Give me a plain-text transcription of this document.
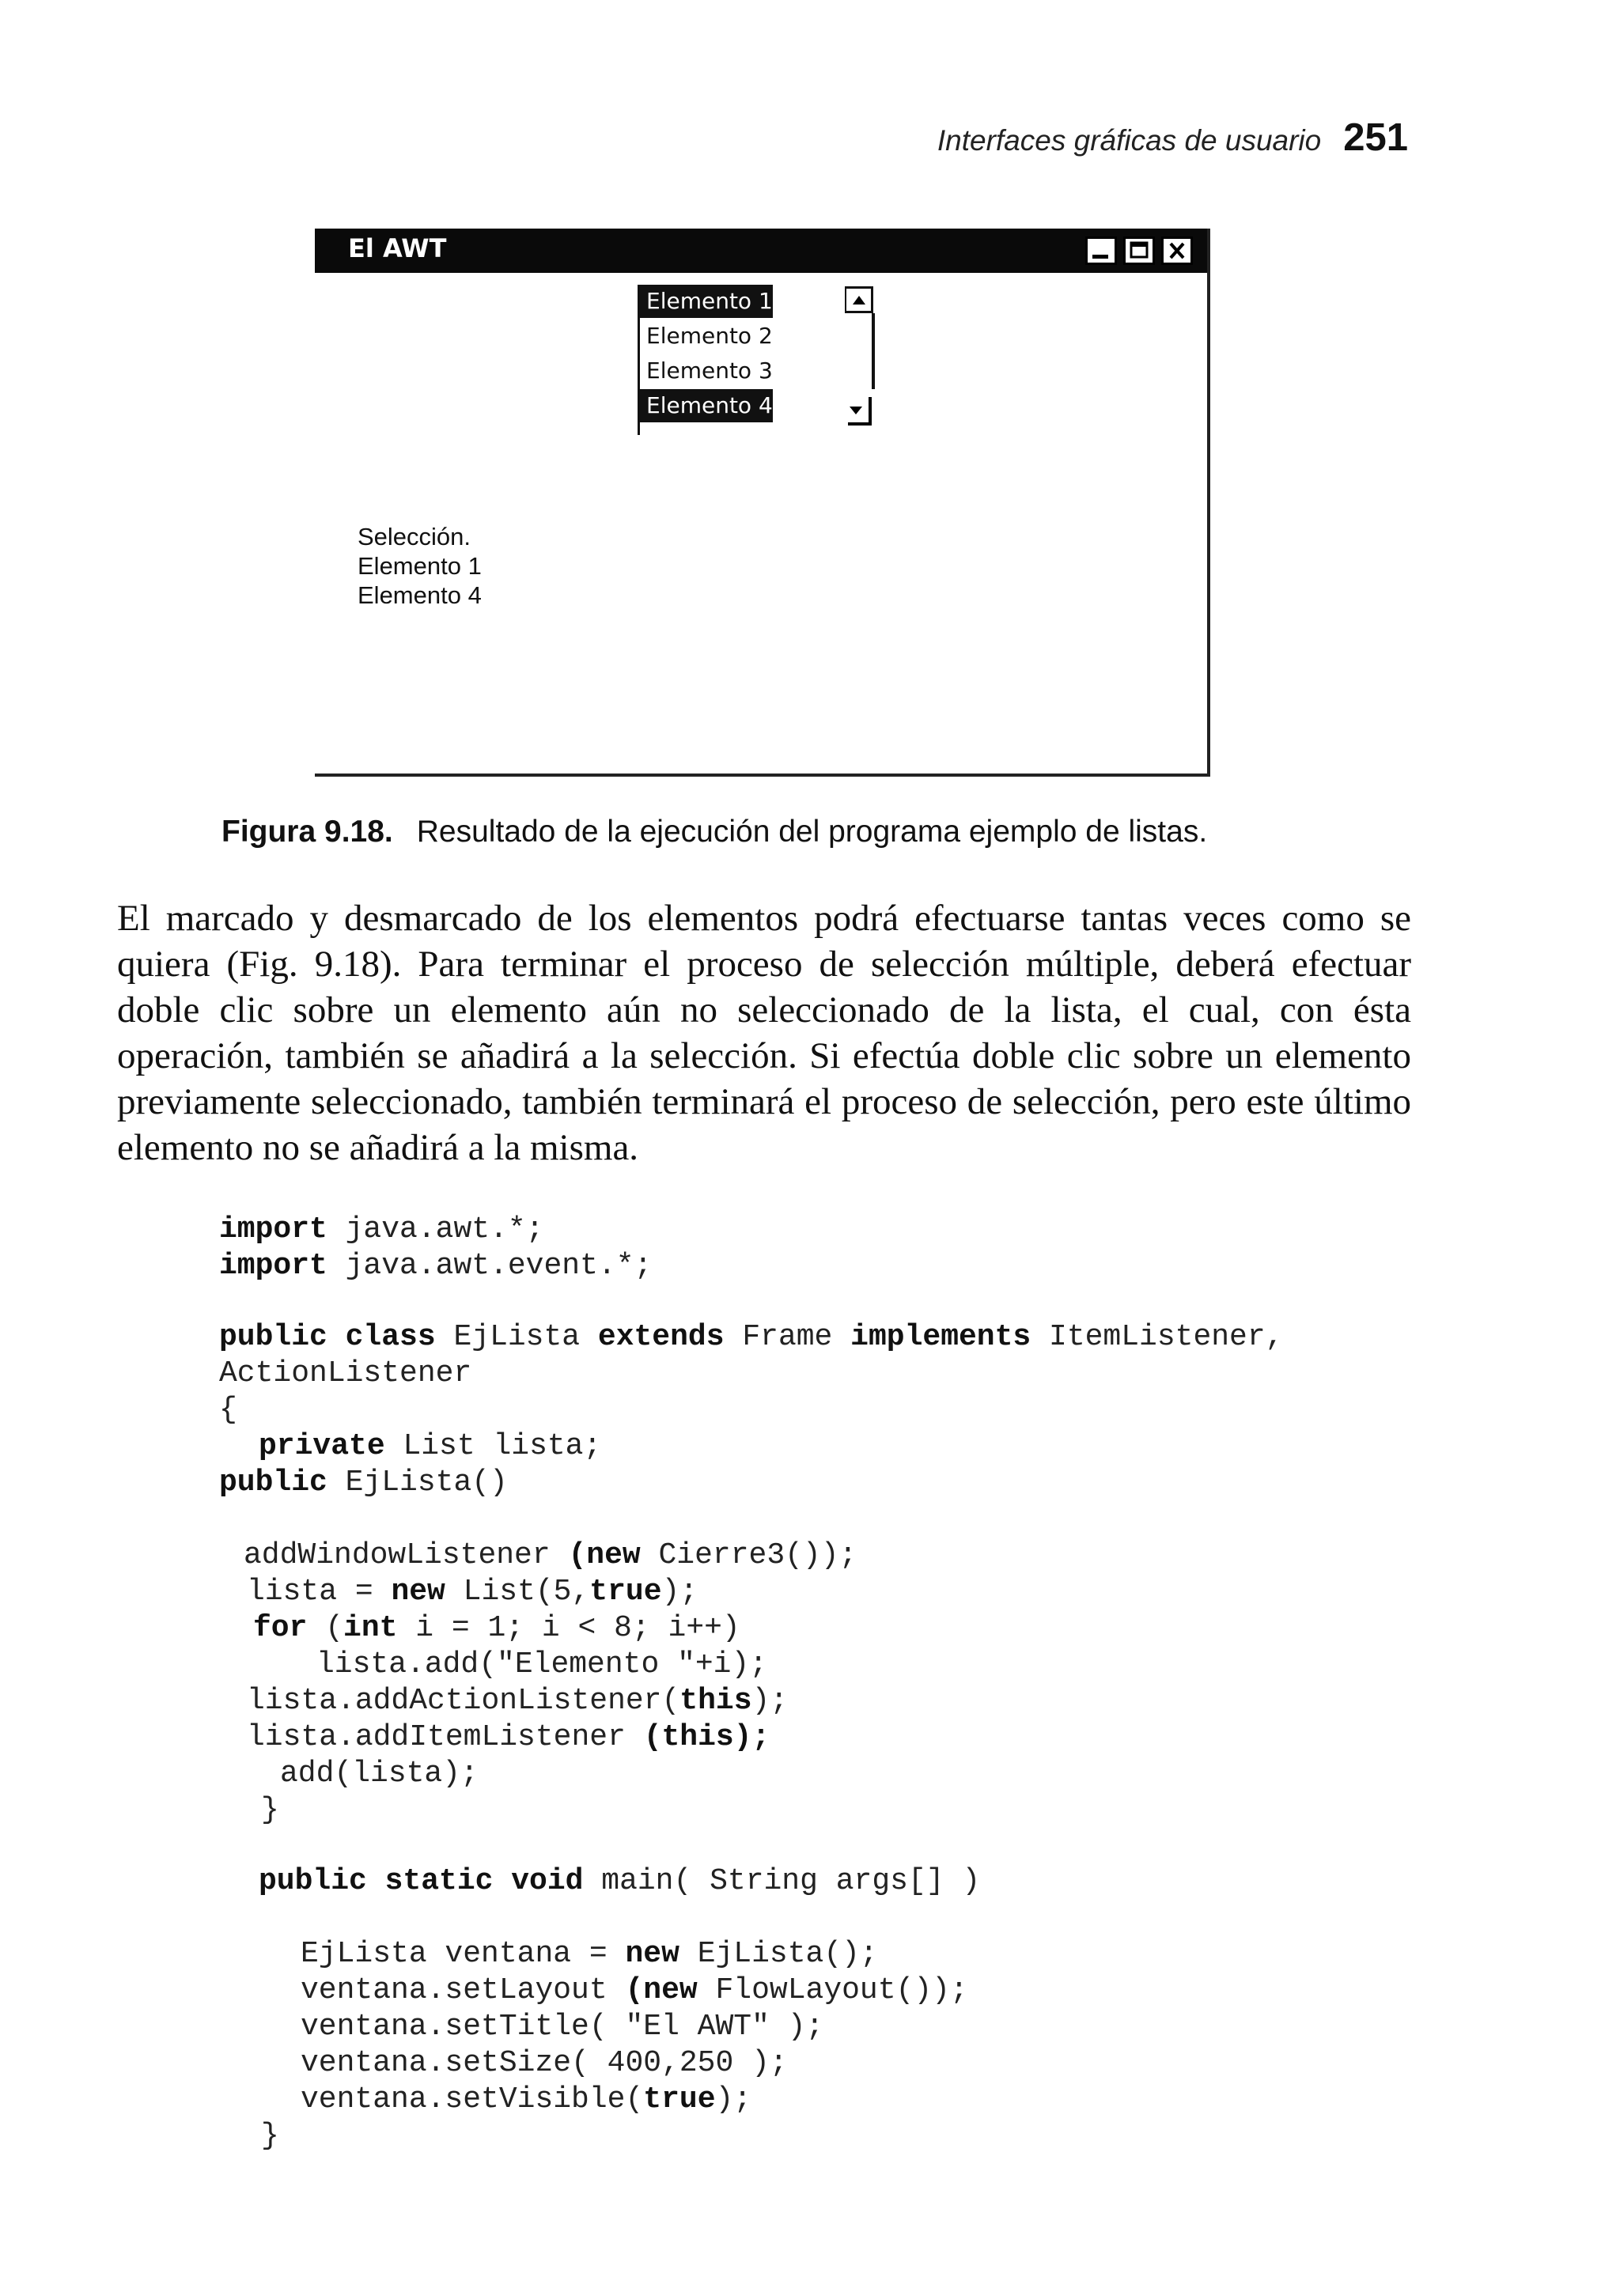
Interfaces gráficas de usuario 251
El AWT
Elemento 1
Elemento 2
Elemento 3
Elemento 4
Selección.
Elemento 1
Elemento 4
Figura 9.18. Resultado de la ejecución del programa ejemplo de listas.
El marcado y desmarcado de los elementos podrá efectuarse tantas veces como se quiera (Fig. 9.18). Para terminar el proceso de selección múltiple, deberá efectuar doble clic sobre un elemento aún no seleccionado de la lista, el cual, con ésta operación, también se añadirá a la selección. Si efectúa doble clic sobre un elemento previamente seleccionado, también terminará el proceso de selección, pero este último elemento no se añadirá a la misma.
import java.awt.*;
import java.awt.event.*;
public class EjLista extends Frame implements ItemListener,
ActionListener
{
private List lista;
public EjLista()
addWindowListener (new Cierre3());
lista = new List(5,true);
for (int i = 1; i < 8; i++)
lista.add("Elemento "+i);
lista.addActionListener(this);
lista.addItemListener (this);
add(lista);
}
public static void main( String args[] )
EjLista ventana = new EjLista();
ventana.setLayout (new FlowLayout());
ventana.setTitle( "El AWT" );
ventana.setSize( 400,250 );
ventana.setVisible(true);
}
